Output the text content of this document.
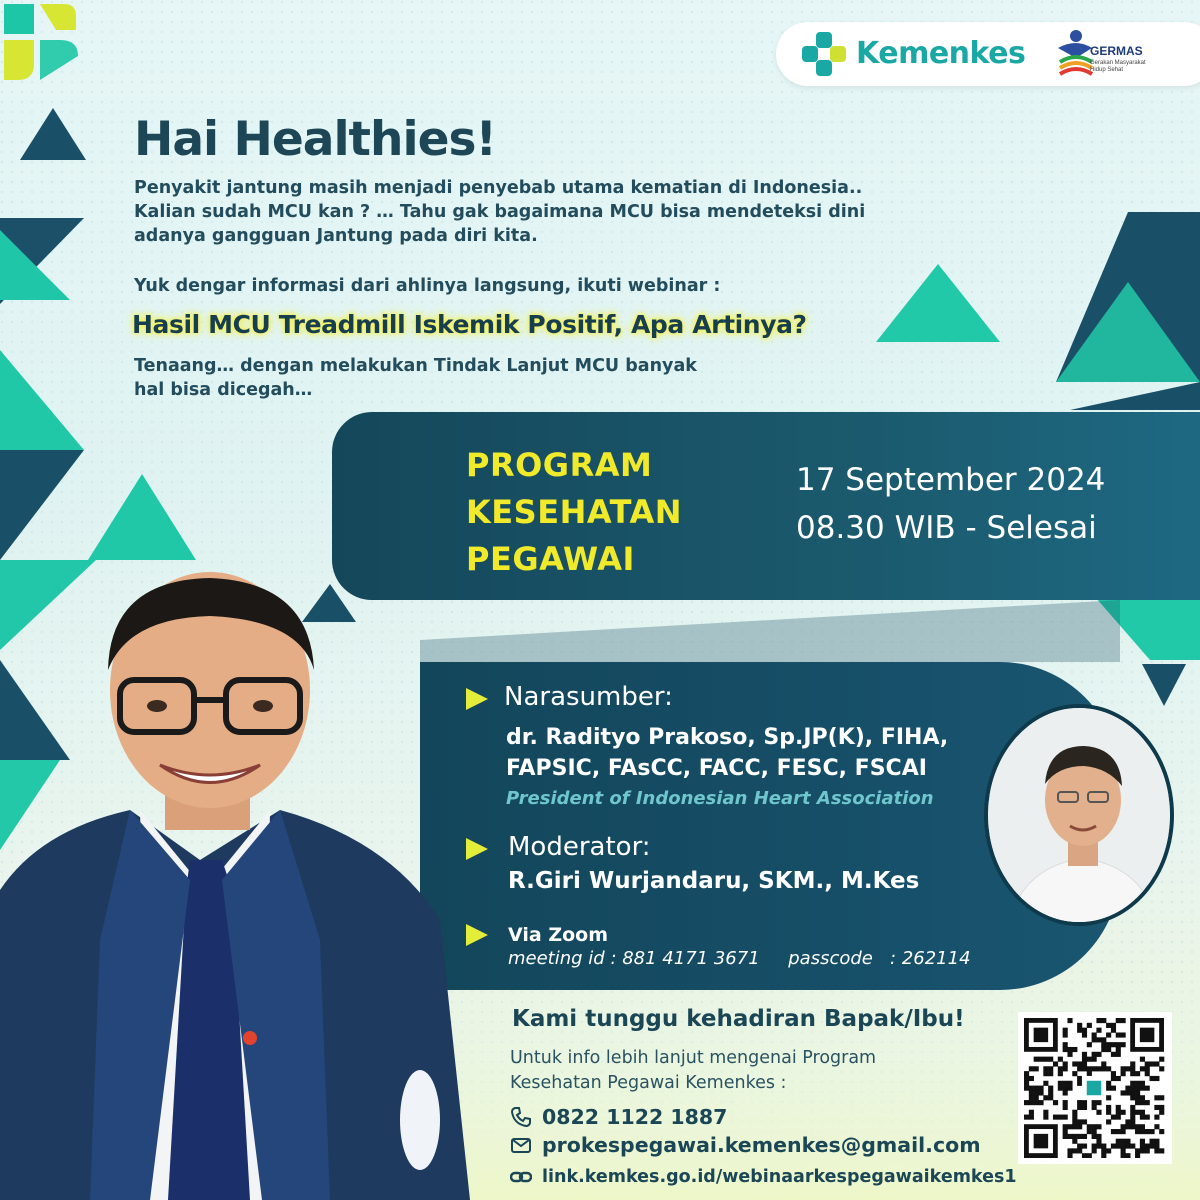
Kemenkes	GERMAS
Gerakan Masyarakat Hidup Sehat
Hai Healthies!
Penyakit jantung masih menjadi penyebab utama kematian di Indonesia..
Kalian sudah MCU kan ? … Tahu gak bagaimana MCU bisa mendeteksi dini
adanya gangguan Jantung pada diri kita.
Yuk dengar informasi dari ahlinya langsung, ikuti webinar :
Hasil MCU Treadmill Iskemik Positif, Apa Artinya?
Tenaang… dengan melakukan Tindak Lanjut MCU banyak
hal bisa dicegah…
PROGRAM
KESEHATAN
PEGAWAI
17 September 2024
08.30 WIB - Selesai
Narasumber:
dr. Radityo Prakoso, Sp.JP(K), FIHA,
FAPSIC, FAsCC, FACC, FESC, FSCAI
President of Indonesian Heart Association
Moderator:
R.Giri Wurjandaru, SKM., M.Kes
Via Zoom
meeting id : 881 4171 3671     passcode   : 262114
Kami tunggu kehadiran Bapak/Ibu!
Untuk info lebih lanjut mengenai Program
Kesehatan Pegawai Kemenkes :
0822 1122 1887
prokespegawai.kemenkes@gmail.com
link.kemkes.go.id/webinaarkespegawaikemkes1
